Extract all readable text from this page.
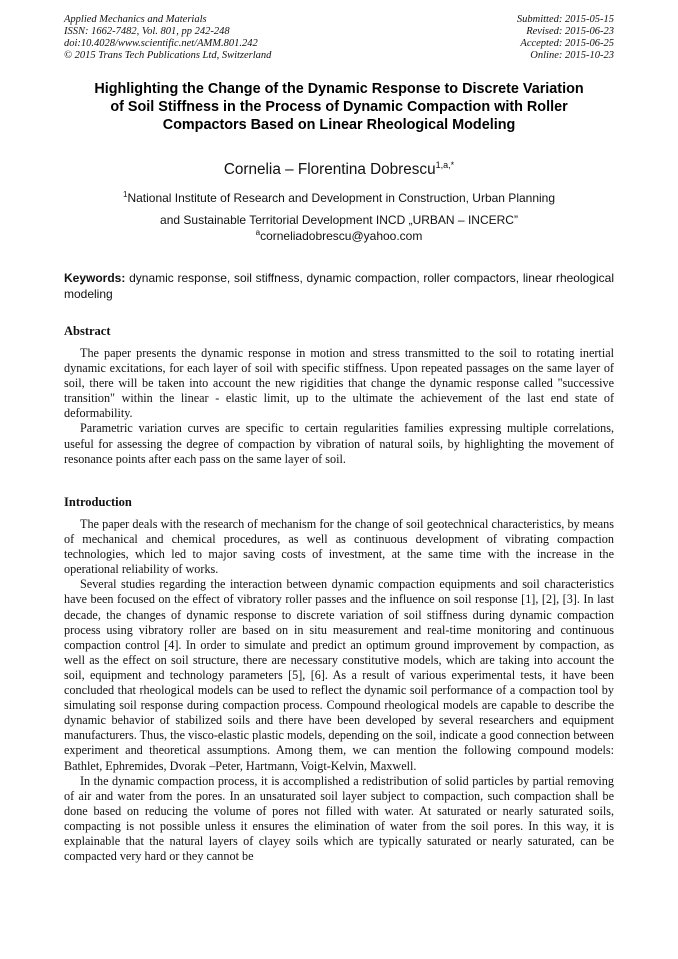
Applied Mechanics and Materials
ISSN: 1662-7482, Vol. 801, pp 242-248
doi:10.4028/www.scientific.net/AMM.801.242
© 2015 Trans Tech Publications Ltd, Switzerland
Submitted: 2015-05-15
Revised: 2015-06-23
Accepted: 2015-06-25
Online: 2015-10-23
Highlighting the Change of the Dynamic Response to Discrete Variation
of Soil Stiffness in the Process of Dynamic Compaction with Roller
Compactors Based on Linear Rheological Modeling
Cornelia – Florentina Dobrescu$^{1,a,*}$
$^1$National Institute of Research and Development in Construction, Urban Planning
and Sustainable Territorial Development INCD „URBAN – INCERC”
$^a$corneliadobrescu@yahoo.com
Keywords: dynamic response, soil stiffness, dynamic compaction, roller compactors, linear rheological modeling
Abstract

The paper presents the dynamic response in motion and stress transmitted to the soil to rotating inertial dynamic excitations, for each layer of soil with specific stiffness. Upon repeated passages on the same layer of soil, there will be taken into account the new rigidities that change the dynamic response called "successive transition" within the linear - elastic limit, up to the ultimate the achievement of the last end state of deformability.

Parametric variation curves are specific to certain regularities families expressing multiple correlations, useful for assessing the degree of compaction by vibration of natural soils, by highlighting the movement of resonance points after each pass on the same layer of soil.

Introduction

The paper deals with the research of mechanism for the change of soil geotechnical characteristics, by means of mechanical and chemical procedures, as well as continuous development of vibrating compaction technologies, which led to major saving costs of investment, at the same time with the increase in the operational reliability of works.

Several studies regarding the interaction between dynamic compaction equipments and soil characteristics have been focused on the effect of vibratory roller passes and the influence on soil response [1], [2], [3]. In last decade, the changes of dynamic response to discrete variation of soil stiffness during dynamic compaction process using vibratory roller are based on in situ measurement and real-time monitoring and continuous compaction control [4]. In order to simulate and predict an optimum ground improvement by compaction, as well as the effect on soil structure, there are necessary constitutive models, which are taking into account the soil, equipment and technology parameters [5], [6]. As a result of various experimental tests, it have been concluded that rheological models can be used to reflect the dynamic soil performance of a compaction tool by simulating soil response during compaction process. Compound rheological models are capable to describe the dynamic behavior of stabilized soils and there have been developed by several researchers and equipment manufacturers. Thus, the visco-elastic plastic models, depending on the soil, indicate a good connection between experiment and theoretical assumptions. Among them, we can mention the following compound models: Bathlet, Ephremides, Dvorak –Peter, Hartmann, Voigt-Kelvin, Maxwell.

In the dynamic compaction process, it is accomplished a redistribution of solid particles by partial removing of air and water from the pores. In an unsaturated soil layer subject to compaction, such compaction shall be done based on reducing the volume of pores not filled with water. At saturated or nearly saturated soils, compacting is not possible unless it ensures the elimination of water from the soil pores. In this way, it is explainable that the natural layers of clayey soils which are typically saturated or nearly saturated, can be compacted very hard or they cannot be
